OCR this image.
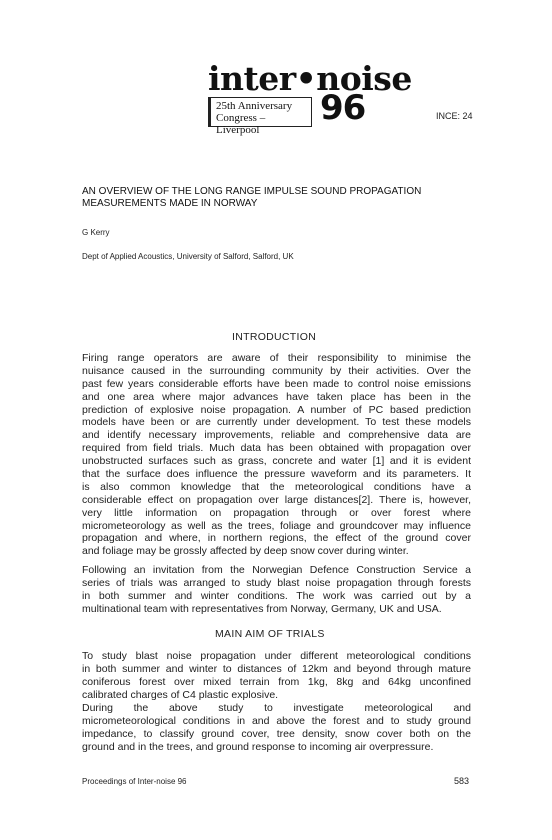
inter•noise
25th Anniversary
Congress – Liverpool
96	INCE: 24
AN OVERVIEW OF THE LONG RANGE IMPULSE SOUND PROPAGATION
MEASUREMENTS MADE IN NORWAY
G Kerry
Dept of Applied Acoustics, University of Salford, Salford, UK
INTRODUCTION
MAIN AIM OF TRIALS
Firing range operators are aware of their responsibility to minimise the
nuisance caused in the surrounding community by their activities. Over the
past few years considerable efforts have been made to control noise emissions
and one area where major advances have taken place has been in the
prediction of explosive noise propagation. A number of PC based prediction
models have been or are currently under development. To test these models
and identify necessary improvements, reliable and comprehensive data are
required from field trials. Much data has been obtained with propagation over
unobstructed surfaces such as grass, concrete and water [1] and it is evident
that the surface does influence the pressure waveform and its parameters. It
is also common knowledge that the meteorological conditions have a
considerable effect on propagation over large distances[2]. There is, however,
very little information on propagation through or over forest where
micrometeorology as well as the trees, foliage and groundcover may influence
propagation and where, in northern regions, the effect of the ground cover
and foliage may be grossly affected by deep snow cover during winter.
Following an invitation from the Norwegian Defence Construction Service a
series of trials was arranged to study blast noise propagation through forests
in both summer and winter conditions. The work was carried out by a
multinational team with representatives from Norway, Germany, UK and USA.
To study blast noise propagation under different meteorological conditions
in both summer and winter to distances of 12km and beyond through mature
coniferous forest over mixed terrain from 1kg, 8kg and 64kg unconfined
calibrated charges of C4 plastic explosive.
During the above study to investigate meteorological and
micrometeorological conditions in and above the forest and to study ground
impedance, to classify ground cover, tree density, snow cover both on the
ground and in the trees, and ground response to incoming air overpressure.
Proceedings of Inter-noise 96	583
